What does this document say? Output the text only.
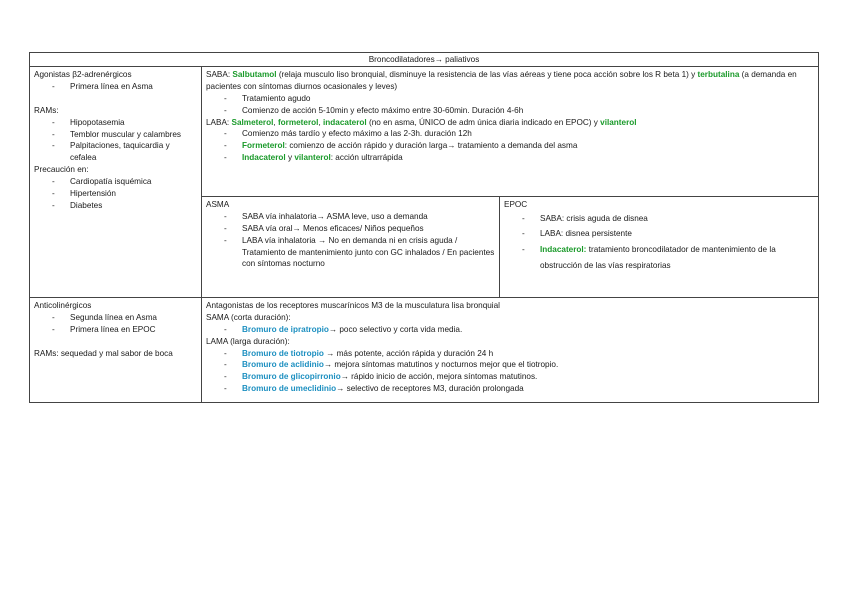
Broncodilatadores→ paliativos

Agonistas β2-adrenérgicos

- Primera línea en Asma

RAMs:

- Hipopotasemia
- Temblor muscular y calambres
- Palpitaciones, taquicardia y cefalea

Precaución en:

- Cardiopatía isquémica
- Hipertensión
- Diabetes

SABA: Salbutamol (relaja musculo liso bronquial, disminuye la resistencia de las vías aéreas y tiene poca acción sobre los R beta 1) y terbutalina (a demanda en pacientes con síntomas diurnos ocasionales y leves)

- Tratamiento agudo
- Comienzo de acción 5-10min y efecto máximo entre 30-60min. Duración 4-6h

LABA: Salmeterol, formeterol, indacaterol (no en asma, ÚNICO de adm única diaria indicado en EPOC) y vilanterol

- Comienzo más tardío y efecto máximo a las 2-3h. duración 12h
- Formeterol: comienzo de acción rápido y duración larga→ tratamiento a demanda del asma
- Indacaterol y vilanterol: acción ultrarrápida

ASMA

- SABA vía inhalatoria→ ASMA leve, uso a demanda
- SABA vía oral→ Menos eficaces/ Niños pequeños
- LABA vía inhalatoria → No en demanda ni en crisis aguda / Tratamiento de mantenimiento junto con GC inhalados / En pacientes con síntomas nocturno

EPOC

- SABA: crisis aguda de disnea
- LABA: disnea persistente
- Indacaterol: tratamiento broncodilatador de mantenimiento de la obstrucción de las vías respiratorias

Anticolinérgicos

- Segunda línea en Asma
- Primera línea en EPOC

RAMs: sequedad y mal sabor de boca

Antagonistas de los receptores muscarínicos M3 de la musculatura lisa bronquial

SAMA (corta duración):

- Bromuro de ipratropio→ poco selectivo y corta vida media.

LAMA (larga duración):

- Bromuro de tiotropio → más potente, acción rápida y duración 24 h
- Bromuro de aclidinio→ mejora síntomas matutinos y nocturnos mejor que el tiotropio.
- Bromuro de glicopirronio→ rápido inicio de acción, mejora síntomas matutinos.
- Bromuro de umeclidinio→ selectivo de receptores M3, duración prolongada
